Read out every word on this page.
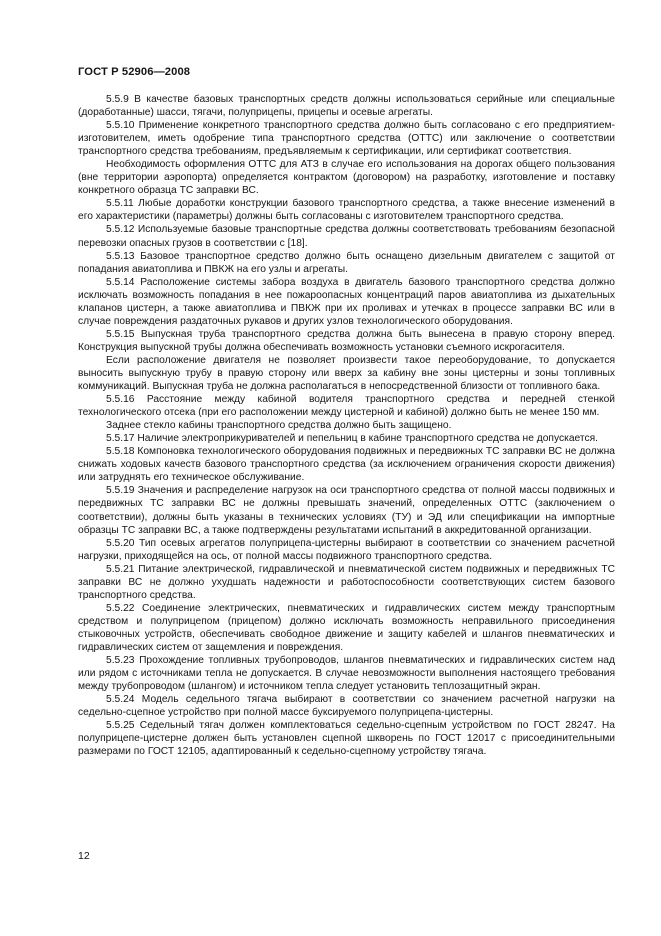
ГОСТ Р 52906—2008

5.5.9 В качестве базовых транспортных средств должны использоваться серийные или специальные (доработанные) шасси, тягачи, полуприцепы, прицепы и осевые агрегаты.

5.5.10 Применение конкретного транспортного средства должно быть согласовано с его предприятием-изготовителем, иметь одобрение типа транспортного средства (ОТТС) или заключение о соответствии транспортного средства требованиям, предъявляемым к сертификации, или сертификат соответствия.

Необходимость оформления ОТТС для АТЗ в случае его использования на дорогах общего пользования (вне территории аэропорта) определяется контрактом (договором) на разработку, изготовление и поставку конкретного образца ТС заправки ВС.

5.5.11 Любые доработки конструкции базового транспортного средства, а также внесение изменений в его характеристики (параметры) должны быть согласованы с изготовителем транспортного средства.

5.5.12 Используемые базовые транспортные средства должны соответствовать требованиям безопасной перевозки опасных грузов в соответствии с [18].

5.5.13 Базовое транспортное средство должно быть оснащено дизельным двигателем с защитой от попадания авиатоплива и ПВКЖ на его узлы и агрегаты.

5.5.14 Расположение системы забора воздуха в двигатель базового транспортного средства должно исключать возможность попадания в нее пожароопасных концентраций паров авиатоплива из дыхательных клапанов цистерн, а также авиатоплива и ПВКЖ при их проливах и утечках в процессе заправки ВС или в случае повреждения раздаточных рукавов и других узлов технологического оборудования.

5.5.15 Выпускная труба транспортного средства должна быть вынесена в правую сторону вперед. Конструкция выпускной трубы должна обеспечивать возможность установки съемного искрогасителя.

Если расположение двигателя не позволяет произвести такое переоборудование, то допускается выносить выпускную трубу в правую сторону или вверх за кабину вне зоны цистерны и зоны топливных коммуникаций. Выпускная труба не должна располагаться в непосредственной близости от топливного бака.

5.5.16 Расстояние между кабиной водителя транспортного средства и передней стенкой технологического отсека (при его расположении между цистерной и кабиной) должно быть не менее 150 мм.

Заднее стекло кабины транспортного средства должно быть защищено.

5.5.17 Наличие электроприкуривателей и пепельниц в кабине транспортного средства не допускается.

5.5.18 Компоновка технологического оборудования подвижных и передвижных ТС заправки ВС не должна снижать ходовых качеств базового транспортного средства (за исключением ограничения скорости движения) или затруднять его техническое обслуживание.

5.5.19 Значения и распределение нагрузок на оси транспортного средства от полной массы подвижных и передвижных ТС заправки ВС не должны превышать значений, определенных ОТТС (заключением о соответствии), должны быть указаны в технических условиях (ТУ) и ЭД или спецификации на импортные образцы ТС заправки ВС, а также подтверждены результатами испытаний в аккредитованной организации.

5.5.20 Тип осевых агрегатов полуприцепа-цистерны выбирают в соответствии со значением расчетной нагрузки, приходящейся на ось, от полной массы подвижного транспортного средства.

5.5.21 Питание электрической, гидравлической и пневматической систем подвижных и передвижных ТС заправки ВС не должно ухудшать надежности и работоспособности соответствующих систем базового транспортного средства.

5.5.22 Соединение электрических, пневматических и гидравлических систем между транспортным средством и полуприцепом (прицепом) должно исключать возможность неправильного присоединения стыковочных устройств, обеспечивать свободное движение и защиту кабелей и шлангов пневматических и гидравлических систем от защемления и повреждения.

5.5.23 Прохождение топливных трубопроводов, шлангов пневматических и гидравлических систем над или рядом с источниками тепла не допускается. В случае невозможности выполнения настоящего требования между трубопроводом (шлангом) и источником тепла следует установить теплозащитный экран.

5.5.24 Модель седельного тягача выбирают в соответствии со значением расчетной нагрузки на седельно-сцепное устройство при полной массе буксируемого полуприцепа-цистерны.

5.5.25 Седельный тягач должен комплектоваться седельно-сцепным устройством по ГОСТ 28247. На полуприцепе-цистерне должен быть установлен сцепной шкворень по ГОСТ 12017 с присоединительными размерами по ГОСТ 12105, адаптированный к седельно-сцепному устройству тягача.

12
